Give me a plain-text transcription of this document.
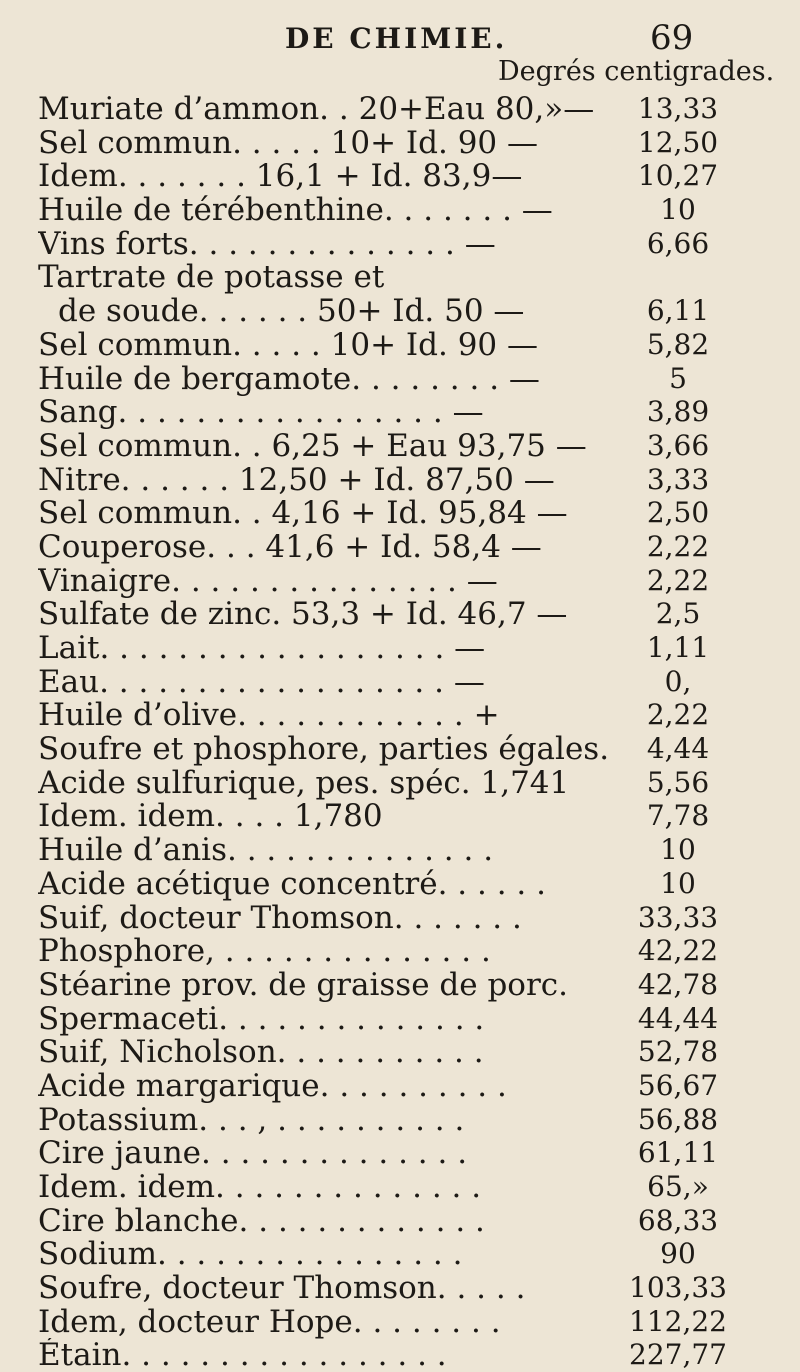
DE CHIMIE.	69
Degrés centigrades.
Muriate d’ammon. . 20+Eau 80,»—	13,33
Sel commun. . . . . 10+ Id. 90 —	12,50
Idem. . . . . . . 16,1 + Id. 83,9—	10,27
Huile de térébenthine. . . . . . . —	10
Vins forts. . . . . . . . . . . . . . —	6,66
Tartrate de potasse et
de soude. . . . . . 50+ Id. 50 —	6,11
Sel commun. . . . . 10+ Id. 90 —	5,82
Huile de bergamote. . . . . . . . —	5
Sang. . . . . . . . . . . . . . . . . —	3,89
Sel commun. . 6,25 + Eau 93,75 —	3,66
Nitre. . . . . . 12,50 + Id. 87,50 —	3,33
Sel commun. . 4,16 + Id. 95,84 —	2,50
Couperose. . . 41,6 + Id. 58,4 —	2,22
Vinaigre. . . . . . . . . . . . . . . —	2,22
Sulfate de zinc. 53,3 + Id. 46,7 —	2,5
Lait. . . . . . . . . . . . . . . . . . —	1,11
Eau. . . . . . . . . . . . . . . . . . —	0,
Huile d’olive. . . . . . . . . . . . +	2,22
Soufre et phosphore, parties égales.	4,44
Acide sulfurique, pes. spéc. 1,741	5,56
Idem. idem. . . . 1,780	7,78
Huile d’anis. . . . . . . . . . . . . .	10
Acide acétique concentré. . . . . .	10
Suif, docteur Thomson. . . . . . .	33,33
Phosphore, . . . . . . . . . . . . . .	42,22
Stéarine prov. de graisse de porc.	42,78
Spermaceti. . . . . . . . . . . . . .	44,44
Suif, Nicholson. . . . . . . . . . .	52,78
Acide margarique. . . . . . . . . .	56,67
Potassium. . . , . . . . . . . . . .	56,88
Cire jaune. . . . . . . . . . . . . .	61,11
Idem. idem. . . . . . . . . . . . . .	65,»
Cire blanche. . . . . . . . . . . . .	68,33
Sodium. . . . . . . . . . . . . . . .	90
Soufre, docteur Thomson. . . . .	103,33
Idem, docteur Hope. . . . . . . .	112,22
Étain. . . . . . . . . . . . . . . . .	227,77
